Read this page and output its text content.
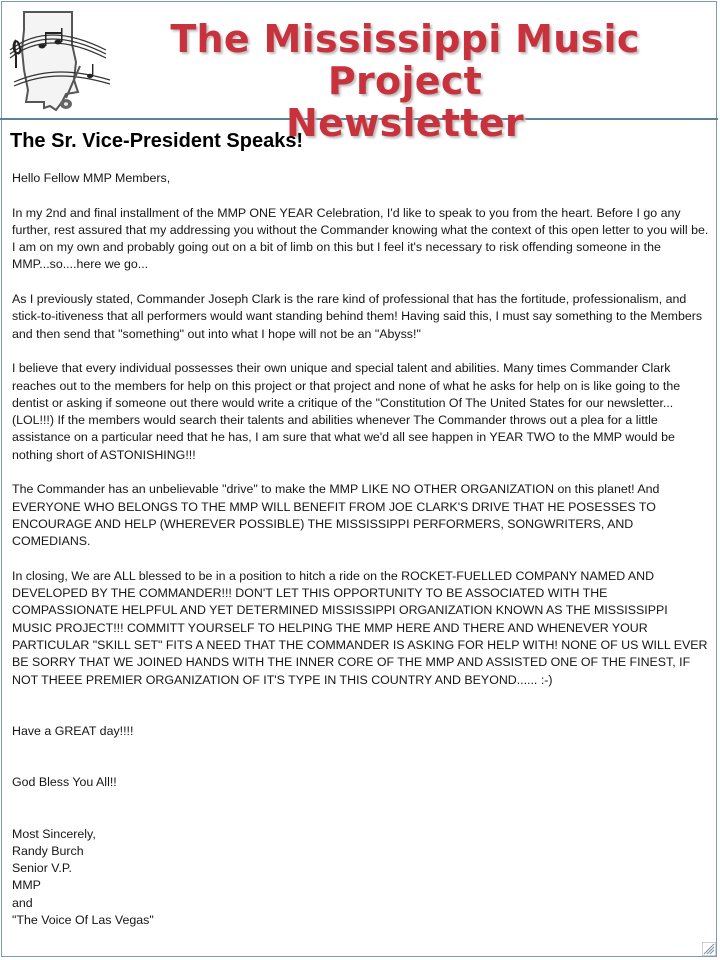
The Mississippi Music Project
Newsletter
The Sr. Vice-President Speaks!

Hello Fellow MMP Members,

In my 2nd and final installment of the MMP ONE YEAR Celebration, I'd like to speak to you from the heart. Before I go any further, rest assured that my addressing you without the Commander knowing what the context of this open letter to you will be. I am on my own and probably going out on a bit of limb on this but I feel it's necessary to risk offending someone in the MMP...so....here we go...

As I previously stated, Commander Joseph Clark is the rare kind of professional that has the fortitude, professionalism, and stick-to-itiveness that all performers would want standing behind them! Having said this, I must say something to the Members and then send that "something" out into what I hope will not be an "Abyss!"

I believe that every individual possesses their own unique and special talent and abilities. Many times Commander Clark reaches out to the members for help on this project or that project and none of what he asks for help on is like going to the dentist or asking if someone out there would write a critique of the "Constitution Of The United States for our newsletter...(LOL!!!) If the members would search their talents and abilities whenever The Commander throws out a plea for a little assistance on a particular need that he has, I am sure that what we'd all see happen in YEAR TWO to the MMP would be nothing short of ASTONISHING!!!

The Commander has an unbelievable "drive" to make the MMP LIKE NO OTHER ORGANIZATION on this planet! And EVERYONE WHO BELONGS TO THE MMP WILL BENEFIT FROM JOE CLARK'S DRIVE THAT HE POSESSES TO ENCOURAGE AND HELP (WHEREVER POSSIBLE) THE MISSISSIPPI PERFORMERS, SONGWRITERS, AND COMEDIANS.

In closing, We are ALL blessed to be in a position to hitch a ride on the ROCKET-FUELLED COMPANY NAMED AND DEVELOPED BY THE COMMANDER!!! DON'T LET THIS OPPORTUNITY TO BE ASSOCIATED WITH THE COMPASSIONATE HELPFUL AND YET DETERMINED MISSISSIPPI ORGANIZATION KNOWN AS THE MISSISSIPPI MUSIC PROJECT!!! COMMITT YOURSELF TO HELPING THE MMP HERE AND THERE AND WHENEVER YOUR PARTICULAR "SKILL SET" FITS A NEED THAT THE COMMANDER IS ASKING FOR HELP WITH! NONE OF US WILL EVER BE SORRY THAT WE JOINED HANDS WITH THE INNER CORE OF THE MMP AND ASSISTED ONE OF THE FINEST, IF NOT THEEE PREMIER ORGANIZATION OF IT'S TYPE IN THIS COUNTRY AND BEYOND...... :-)

Have a GREAT day!!!!

God Bless You All!!

Most Sincerely,
Randy Burch
Senior V.P.
MMP
and
"The Voice Of Las Vegas"
